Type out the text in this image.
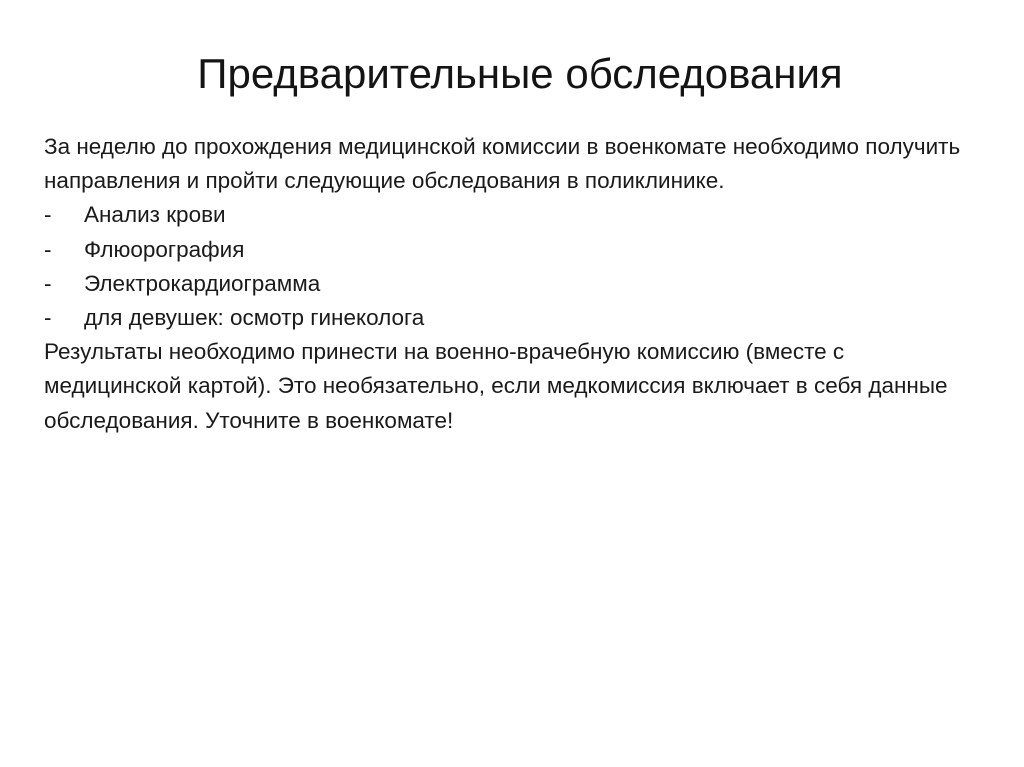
Предварительные обследования

За неделю до прохождения медицинской комиссии в военкомате необходимо получить направления и пройти следующие обследования в поликлинике.

-	Анализ крови
-	Флюорография
-	Электрокардиограмма
-	для девушек: осмотр гинеколога

Результаты необходимо принести на военно-врачебную комиссию (вместе с медицинской картой). Это необязательно, если медкомиссия включает в себя данные обследования. Уточните в военкомате!
